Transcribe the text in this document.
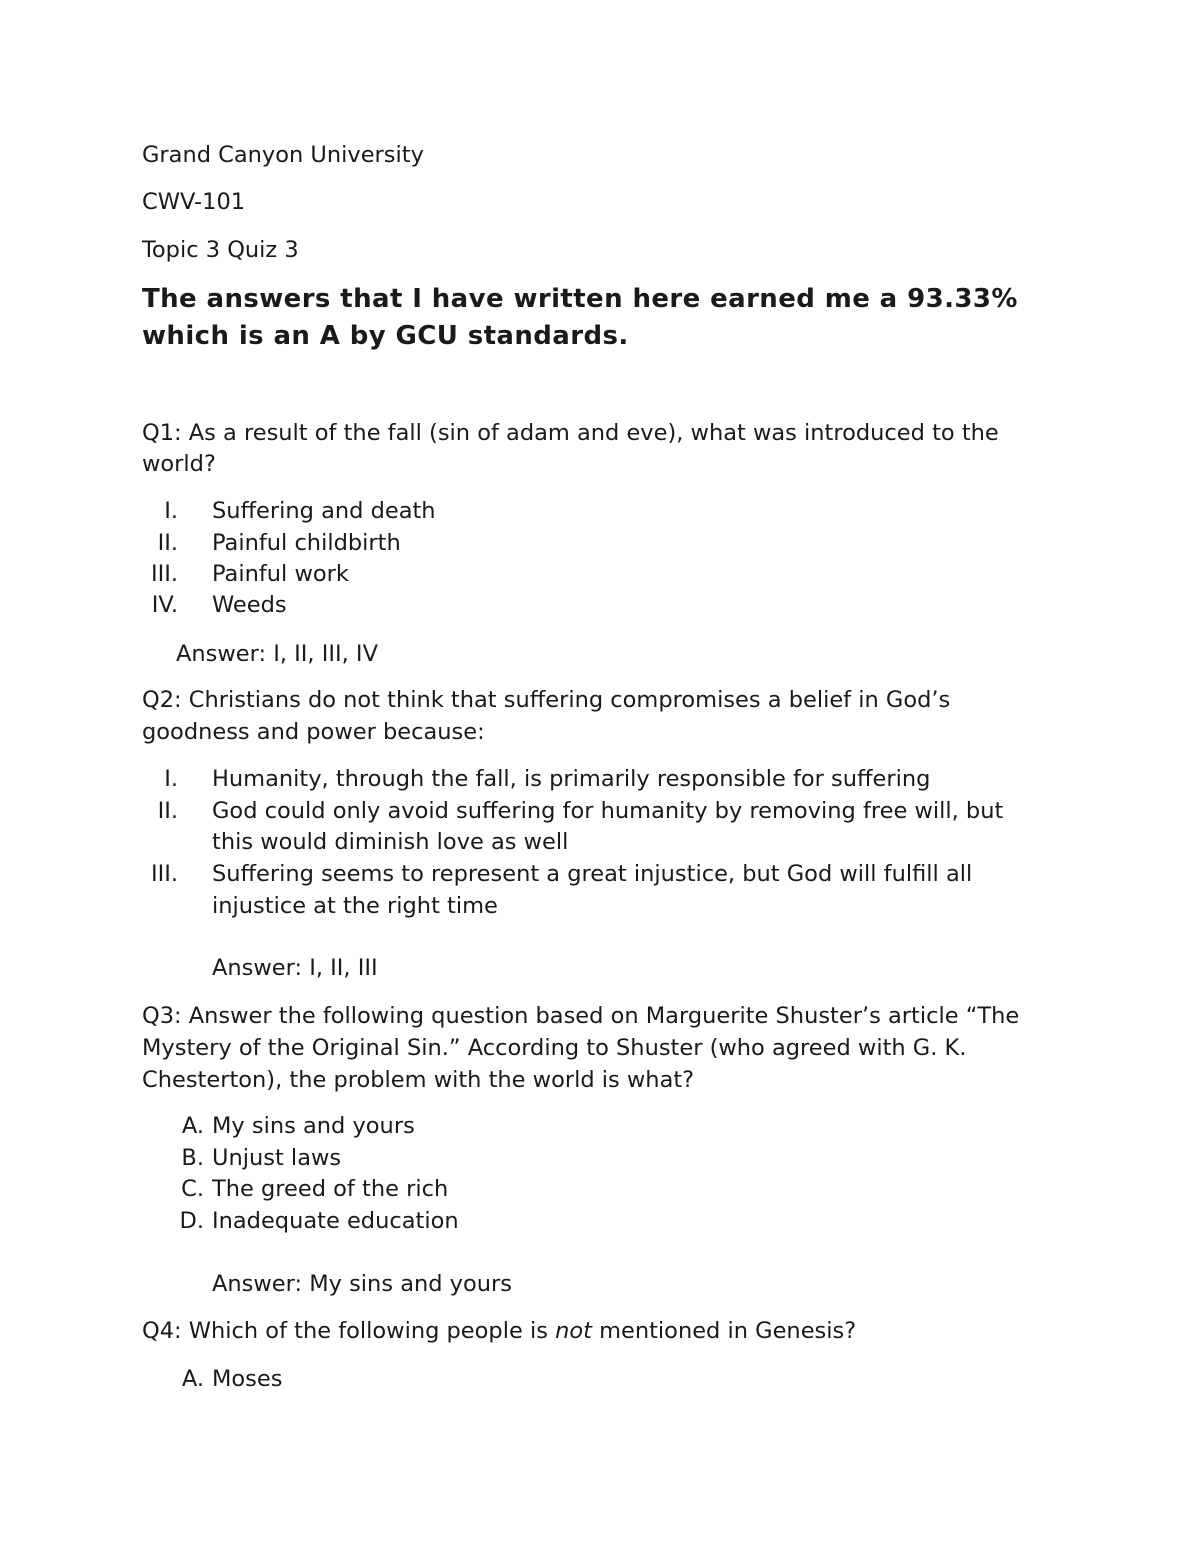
Grand Canyon University

CWV-101

Topic 3 Quiz 3

The answers that I have written here earned me a 93.33%

which is an A by GCU standards.

Q1: As a result of the fall (sin of adam and eve), what was introduced to the

world?

I. Suffering and death
II. Painful childbirth
III. Painful work
IV. Weeds

Answer: I, II, III, IV

Q2: Christians do not think that suffering compromises a belief in God’s

goodness and power because:

I. Humanity, through the fall, is primarily responsible for suffering
II. God could only avoid suffering for humanity by removing free will, but

this would diminish love as well

III. Suffering seems to represent a great injustice, but God will fulfill all

injustice at the right time

Answer: I, II, III

Q3: Answer the following question based on Marguerite Shuster’s article “The

Mystery of the Original Sin.” According to Shuster (who agreed with G. K.

Chesterton), the problem with the world is what?

A. My sins and yours
B. Unjust laws
C. The greed of the rich
D. Inadequate education

Answer: My sins and yours

Q4: Which of the following people is not mentioned in Genesis?

A. Moses
